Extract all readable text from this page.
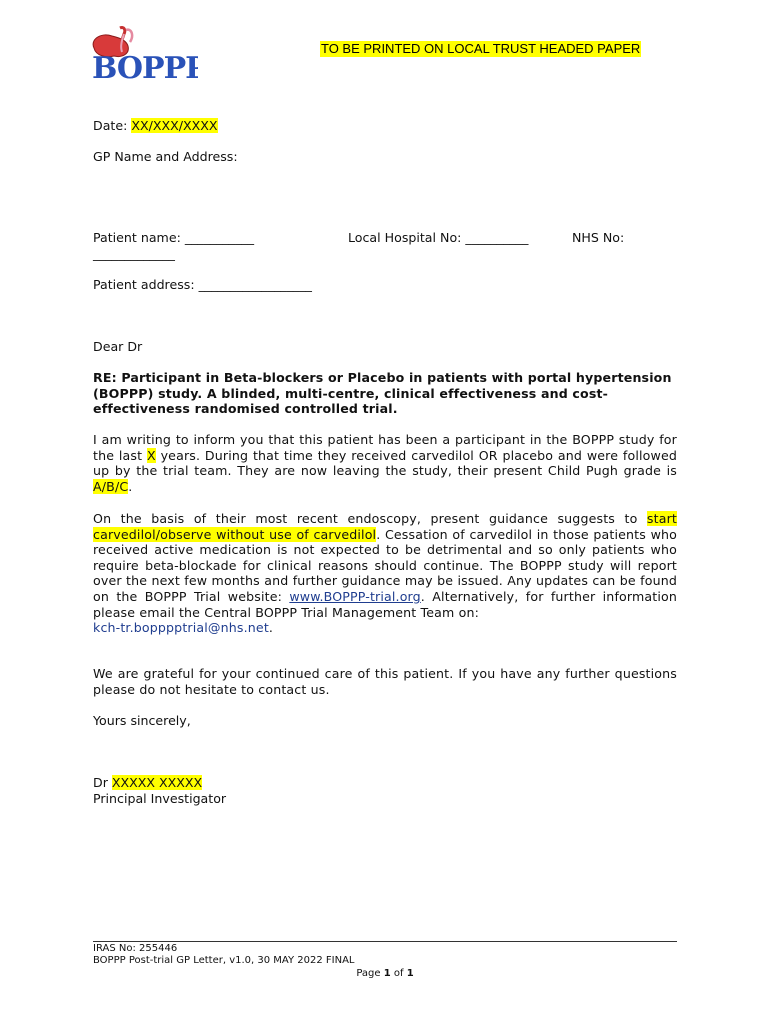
BOPPP
TO BE PRINTED ON LOCAL TRUST HEADED PAPER
Date: XX/XXX/XXXX
GP Name and Address:
Patient name: ___________	Local Hospital No: __________	NHS No:
_____________
Patient address: __________________
Dear Dr

RE: Participant in Beta-blockers or Placebo in patients with portal hypertension (BOPPP) study. A blinded, multi-centre, clinical effectiveness and cost-effectiveness randomised controlled trial.

I am writing to inform you that this patient has been a participant in the BOPPP study for the last X years. During that time they received carvedilol OR placebo and were followed up by the trial team. They are now leaving the study, their present Child Pugh grade is A/B/C.

On the basis of their most recent endoscopy, present guidance suggests to start carvedilol/observe without use of carvedilol. Cessation of carvedilol in those patients who received active medication is not expected to be detrimental and so only patients who require beta-blockade for clinical reasons should continue. The BOPPP study will report over the next few months and further guidance may be issued. Any updates can be found on the BOPPP Trial website: www.BOPPP-trial.org. Alternatively, for further information please email the Central BOPPP Trial Management Team on:
kch-tr.bopppptrial@nhs.net.

We are grateful for your continued care of this patient. If you have any further questions please do not hesitate to contact us.

Yours sincerely,
Dr XXXXX XXXXX
Principal Investigator
IRAS No: 255446
BOPPP Post-trial GP Letter, v1.0, 30 MAY 2022 FINAL
Page 1 of 1
